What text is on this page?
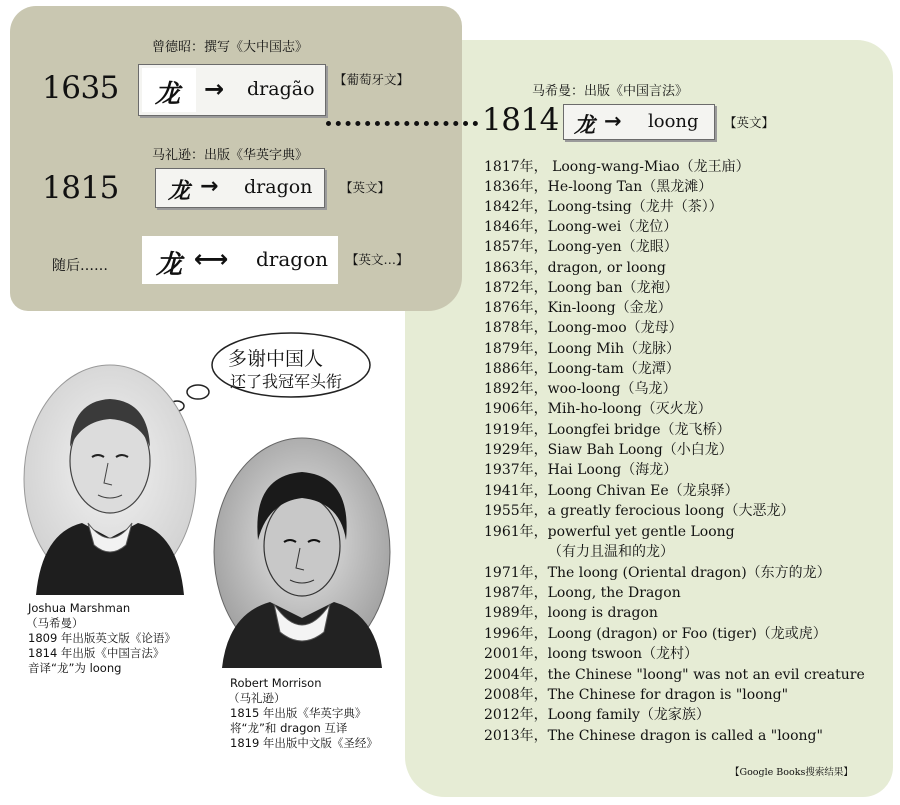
曾德昭：撰写《大中国志》
1635 龙 → dragão 【葡萄牙文】
马礼逊：出版《华英字典》
1815 龙 → dragon 【英文】
随后…… 龙 ⟷ dragon 【英文…】
马希曼：出版《中国言法》
1814 龙 → loong 【英文】
1817年， Loong-wang-Miao（龙王庙）
1836年，He-loong Tan（黑龙滩）
1842年，Loong-tsing（龙井（茶））
1846年，Loong-wei（龙位）
1857年，Loong-yen（龙眼）
1863年，dragon, or loong
1872年，Loong ban（龙袍）
1876年，Kin-loong（金龙）
1878年，Loong-moo（龙母）
1879年，Loong Mih（龙脉）
1886年，Loong-tam（龙潭）
1892年，woo-loong（乌龙）
1906年，Mih-ho-loong（灭火龙）
1919年，Loongfei bridge（龙飞桥）
1929年，Siaw Bah Loong（小白龙）
1937年，Hai Loong（海龙）
1941年，Loong Chivan Ee（龙泉驿）
1955年，a greatly ferocious loong（大恶龙）
1961年，powerful yet gentle Loong
（有力且温和的龙）
1971年，The loong (Oriental dragon)（东方的龙）
1987年，Loong, the Dragon
1989年，loong is dragon
1996年，Loong (dragon) or Foo (tiger)（龙或虎）
2001年，loong tswoon（龙村）
2004年，the Chinese "loong" was not an evil creature
2008年，The Chinese for dragon is "loong"
2012年，Loong family（龙家族）
2013年，The Chinese dragon is called a "loong"
【Google Books搜索结果】
多谢中国人
还了我冠军头衔
Joshua Marshman
（马希曼）
1809 年出版英文版《论语》
1814 年出版《中国言法》
音译“龙”为 loong
Robert Morrison
（马礼逊）
1815 年出版《华英字典》
将“龙”和 dragon 互译
1819 年出版中文版《圣经》
